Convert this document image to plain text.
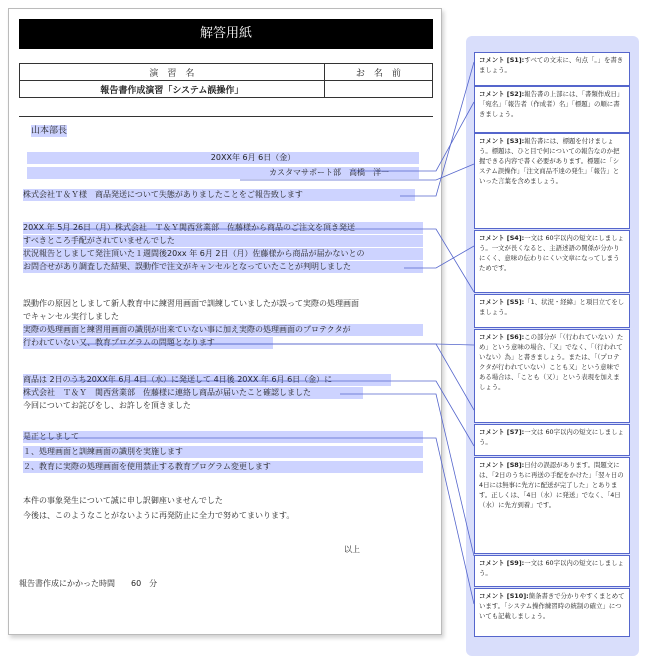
解答用紙
演　習　名	お　名　前
報告書作成演習「システム誤操作」	
山本部長
20XX年 6月 6日（金）
カスタマサポート部　高橋　洋一
株式会社Ｔ＆Ｙ様　商品発送について失態がありましたことをご報告致します
20XX 年 5月 26日（月）株式会社　Ｔ＆Ｙ関西営業部　佐藤様から商品のご注文を頂き発送
すべきところ手配がされていませんでした
状況報告としまして発注頂いた１週間後20xx 年 6月 2日（月）佐藤様から商品が届かないとの
お問合せがあり調査した結果、誤動作で注文がキャンセルとなっていたことが判明しました
誤動作の原因としまして新人教育中に練習用画面で訓練していましたが誤って実際の処理画面
でキャンセル実行しました
実際の処理画面と練習用画面の識別が出来ていない事に加え実際の処理画面のプロテクタが
行われていない又、教育プログラムの問題となります
商品は 2日のうち20XX年 6月 4日（水）に発送して 4日後 20XX 年 6月 6日（金）に
株式会社　Ｔ＆Ｙ　関西営業部　佐藤様に連絡し商品が届いたこと確認しました
今回についてお詫びをし、お許しを頂きました
是正としまして
１、処理画面と訓練画面の識別を実施します
２、教育に実際の処理画面を使用禁止する教育プログラム変更します
本件の事象発生について誠に申し訳御座いませんでした
今後は、このようなことがないように再発防止に全力で努めてまいります。
以上
報告書作成にかかった時間　　60　分
コメント [S1]:すべての文末に、句点「。」を書きましょう。
コメント [S2]:報告書の上部には、「書類作成日」「宛名」「報告者（作成者）名」「標題」の順に書きましょう。
コメント [S3]:報告書には、標題を付けましょう。標題は、ひと目で何についての報告なのか把握できる内容で書く必要があります。標題に「システム誤操作」「注文商品不達の発生」「報告」といった言葉を含めましょう。
コメント [S4]:一文は 60字以内の短文にしましょう。一文が長くなると、主語述語の関係が分かりにくく、意味の伝わりにくい文章になってしまうためです。
コメント [S5]:「1、状況・経緯」と項目立てをしましょう。
コメント [S6]:この部分が「（行われていない）ため」という意味の場合、「又」でなく、「（行われていない）為」と書きましょう。または、「（プロテクタが行われていない）ことも又」という意味である場合は、「ことも（又）」という表現を加えましょう。
コメント [S7]:一文は 60字以内の短文にしましょう。
コメント [S8]:日付の誤認があります。問題文には、「2日のうちに再送の手配をかけた」「翌々日の 4日には無事に先方に配送が完了した」とあります。正しくは、「4日（水）に発送」でなく、「4日（水）に先方到着」です。
コメント [S9]:一文は 60字以内の短文にしましょう。
コメント [S10]:箇条書きで分かりやすくまとめています。「システム操作練習時の統制の確立」についても記載しましょう。
